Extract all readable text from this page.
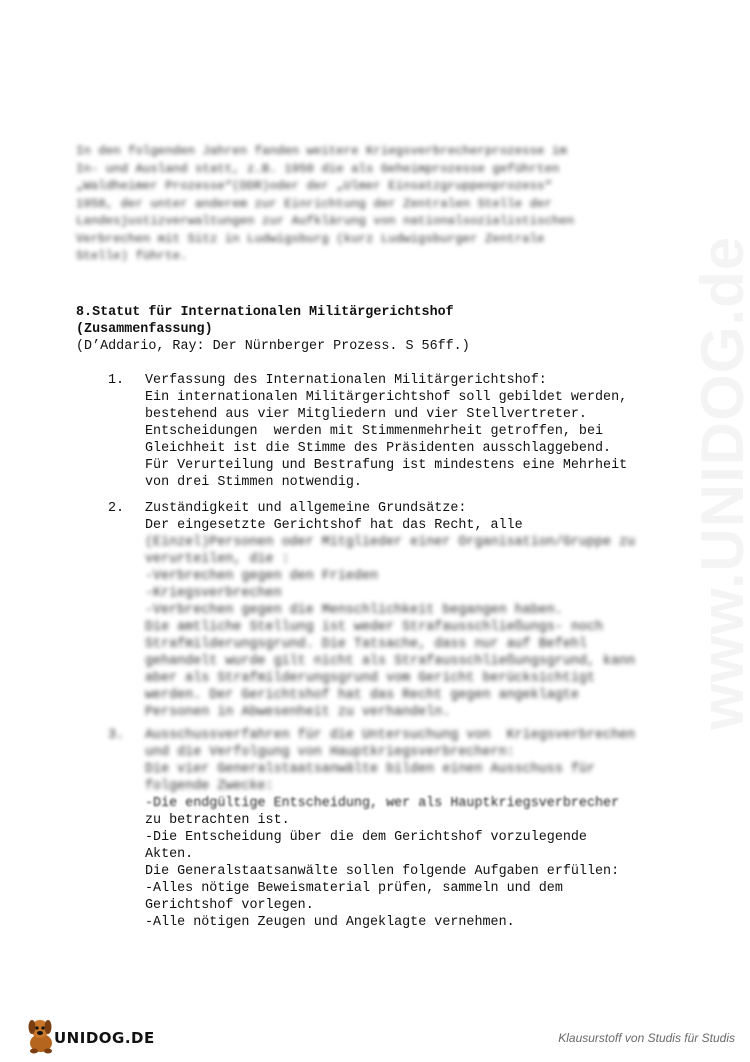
In den folgenden Jahren fanden weitere Kriegsverbrecherprozesse im
In- und Ausland statt, z.B. 1950 die als Geheimprozesse geführten
„Waldheimer Prozesse“(DDR)oder der „Ulmer Einsatzgruppenprozess“
1958, der unter anderem zur Einrichtung der Zentralen Stelle der
Landesjustizverwaltungen zur Aufklärung von nationalsozialistischen
Verbrechen mit Sitz in Ludwigsburg (kurz Ludwigsburger Zentrale
Stelle) führte.
8.Statut für Internationalen Militärgerichtshof
(Zusammenfassung)
(D’Addario, Ray: Der Nürnberger Prozess. S 56ff.)
1.	Verfassung des Internationalen Militärgerichtshof:
Ein internationalen Militärgerichtshof soll gebildet werden,
bestehend aus vier Mitgliedern und vier Stellvertreter.
Entscheidungen  werden mit Stimmenmehrheit getroffen, bei
Gleichheit ist die Stimme des Präsidenten ausschlaggebend.
Für Verurteilung und Bestrafung ist mindestens eine Mehrheit
von drei Stimmen notwendig.
2.	Zuständigkeit und allgemeine Grundsätze:
Der eingesetzte Gerichtshof hat das Recht, alle
(Einzel)Personen oder Mitglieder einer Organisation/Gruppe zu
verurteilen, die :
-Verbrechen gegen den Frieden
-Kriegsverbrechen
-Verbrechen gegen die Menschlichkeit begangen haben.
Die amtliche Stellung ist weder Strafausschließungs- noch
Strafmilderungsgrund. Die Tatsache, dass nur auf Befehl
gehandelt wurde gilt nicht als Strafausschließungsgrund, kann
aber als Strafmilderungsgrund vom Gericht berücksichtigt
werden. Der Gerichtshof hat das Recht gegen angeklagte
Personen in Abwesenheit zu verhandeln.
3.	Ausschussverfahren für die Untersuchung von  Kriegsverbrechen
und die Verfolgung von Hauptkriegsverbrechern:
Die vier Generalstaatsanwälte bilden einen Ausschuss für
folgende Zwecke:
-Die endgültige Entscheidung, wer als Hauptkriegsverbrecher
zu betrachten ist.
-Die Entscheidung über die dem Gerichtshof vorzulegende
Akten.
Die Generalstaatsanwälte sollen folgende Aufgaben erfüllen:
-Alles nötige Beweismaterial prüfen, sammeln und dem
Gerichtshof vorlegen.
-Alle nötigen Zeugen und Angeklagte vernehmen.
UNIDOG.DE	Klausurstoff von Studis für Studis
